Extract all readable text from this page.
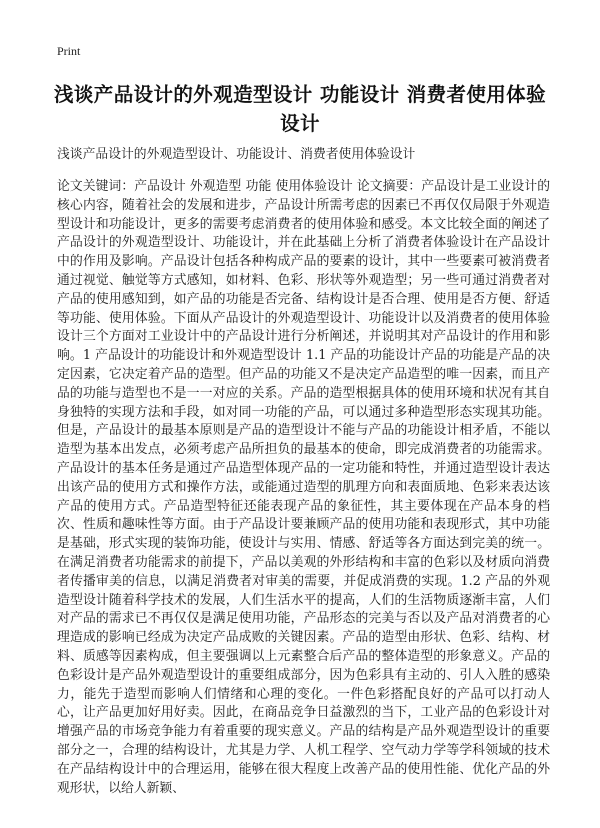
Print
浅谈产品设计的外观造型设计 功能设计 消费者使用体验设计
浅谈产品设计的外观造型设计、功能设计、消费者使用体验设计

论文关键词：产品设计 外观造型 功能 使用体验设计 论文摘要：产品设计是工业设计的核心内容，随着社会的发展和进步，产品设计所需考虑的因素已不再仅仅局限于外观造型设计和功能设计，更多的需要考虑消费者的使用体验和感受。本文比较全面的阐述了产品设计的外观造型设计、功能设计，并在此基础上分析了消费者体验设计在产品设计中的作用及影响。产品设计包括各种构成产品的要素的设计，其中一些要素可被消费者通过视觉、触觉等方式感知，如材料、色彩、形状等外观造型；另一些可通过消费者对产品的使用感知到，如产品的功能是否完备、结构设计是否合理、使用是否方便、舒适等功能、使用体验。下面从产品设计的外观造型设计、功能设计以及消费者的使用体验设计三个方面对工业设计中的产品设计进行分析阐述，并说明其对产品设计的作用和影响。1 产品设计的功能设计和外观造型设计 1.1 产品的功能设计产品的功能是产品的决定因素，它决定着产品的造型。但产品的功能又不是决定产品造型的唯一因素，而且产品的功能与造型也不是一一对应的关系。产品的造型根据具体的使用环境和状况有其自身独特的实现方法和手段，如对同一功能的产品，可以通过多种造型形态实现其功能。但是，产品设计的最基本原则是产品的造型设计不能与产品的功能设计相矛盾，不能以造型为基本出发点，必须考虑产品所担负的最基本的使命，即完成消费者的功能需求。产品设计的基本任务是通过产品造型体现产品的一定功能和特性，并通过造型设计表达出该产品的使用方式和操作方法，或能通过造型的肌理方向和表面质地、色彩来表达该产品的使用方式。产品造型特征还能表现产品的象征性，其主要体现在产品本身的档次、性质和趣味性等方面。由于产品设计要兼顾产品的使用功能和表现形式，其中功能是基础，形式实现的装饰功能，使设计与实用、情感、舒适等各方面达到完美的统一。在满足消费者功能需求的前提下，产品以美观的外形结构和丰富的色彩以及材质向消费者传播审美的信息，以满足消费者对审美的需要，并促成消费的实现。1.2 产品的外观造型设计随着科学技术的发展，人们生活水平的提高，人们的生活物质逐渐丰富，人们对产品的需求已不再仅仅是满足使用功能，产品形态的完美与否以及产品对消费者的心理造成的影响已经成为决定产品成败的关键因素。产品的造型由形状、色彩、结构、材料、质感等因素构成，但主要强调以上元素整合后产品的整体造型的形象意义。产品的色彩设计是产品外观造型设计的重要组成部分，因为色彩具有主动的、引人入胜的感染力，能先于造型而影响人们情绪和心理的变化。一件色彩搭配良好的产品可以打动人心，让产品更加好用好卖。因此，在商品竞争日益激烈的当下，工业产品的色彩设计对增强产品的市场竞争能力有着重要的现实意义。产品的结构是产品外观造型设计的重要部分之一，合理的结构设计，尤其是力学、人机工程学、空气动力学等学科领域的技术在产品结构设计中的合理运用，能够在很大程度上改善产品的使用性能、优化产品的外观形状，以给人新颖、
